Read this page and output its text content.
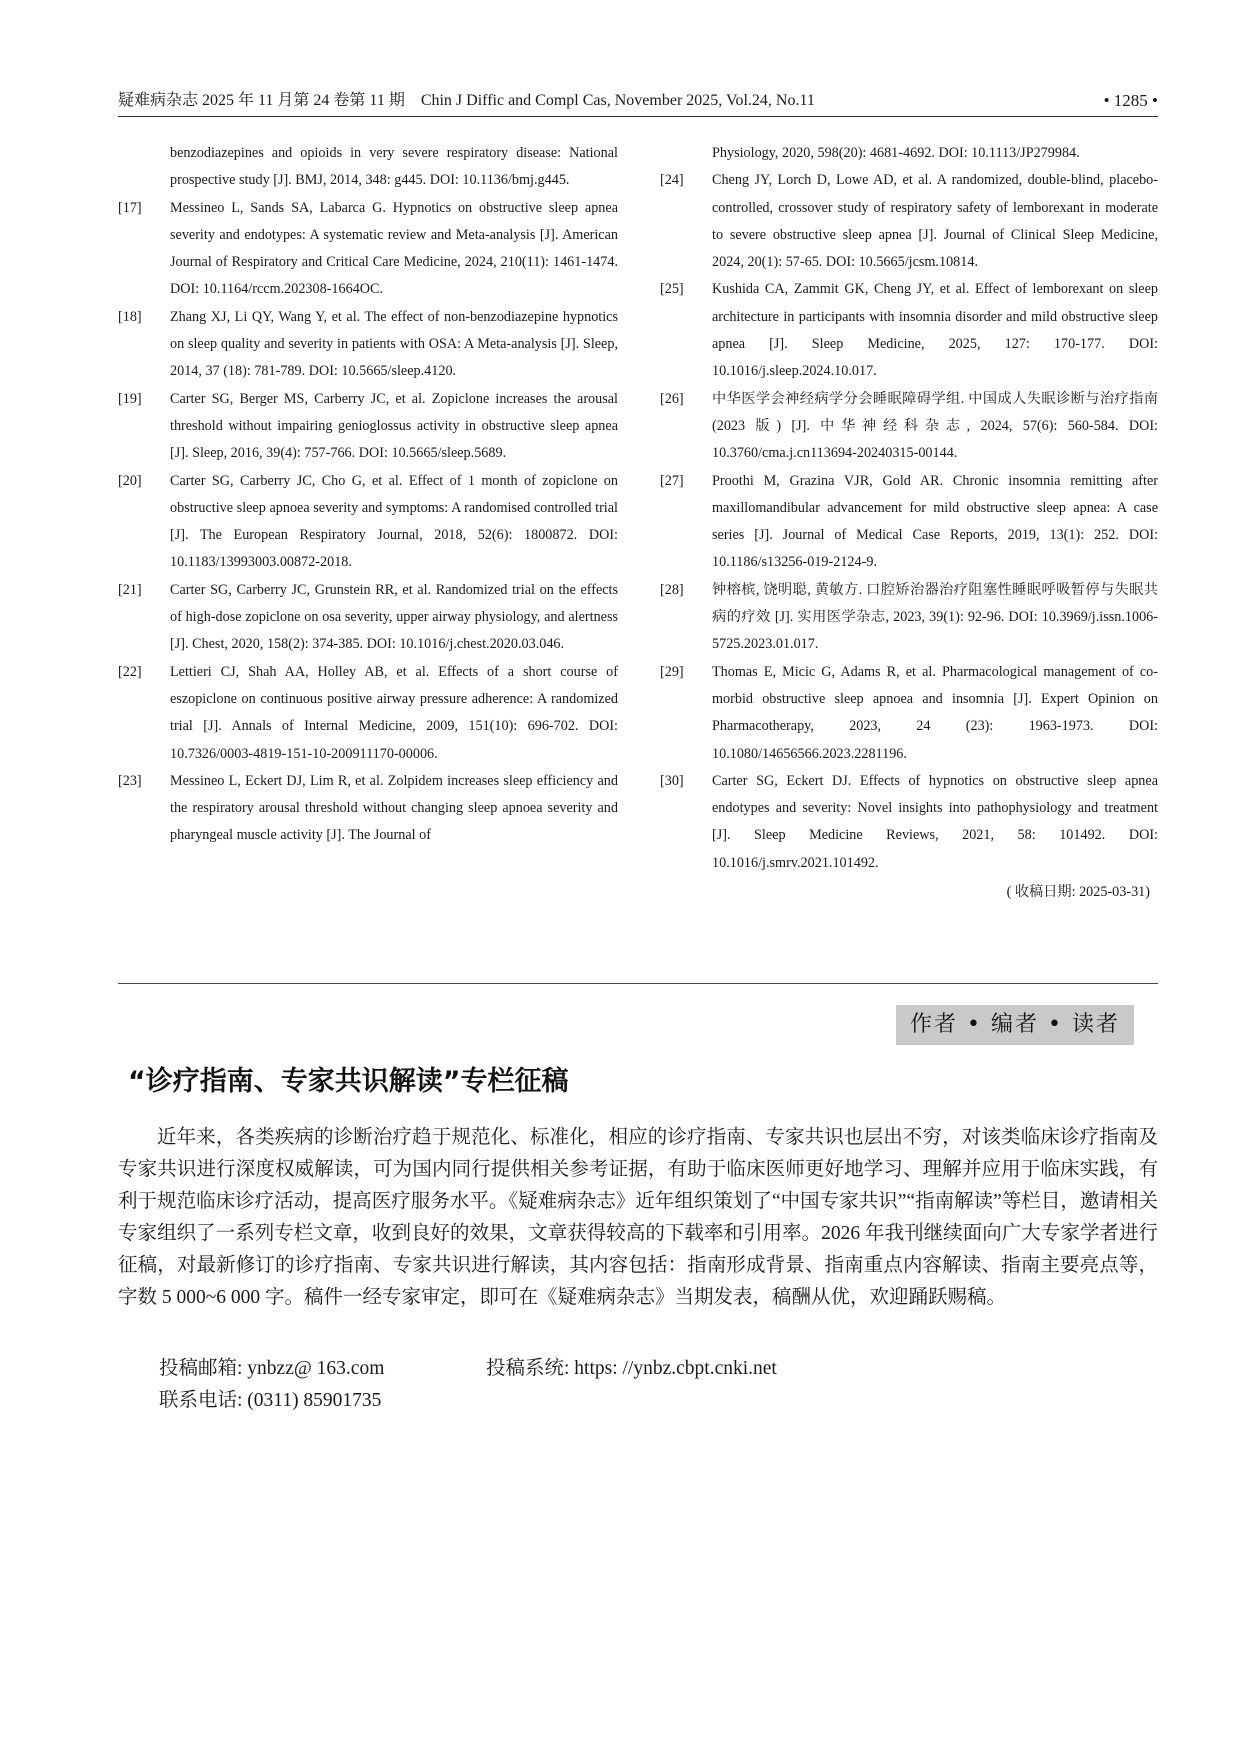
疑难病杂志 2025 年 11 月第 24 卷第 11 期　Chin J Diffic and Compl Cas, November 2025, Vol.24, No.11	• 1285 •
benzodiazepines and opioids in very severe respiratory disease: National prospective study [J]. BMJ, 2014, 348: g445. DOI: 10.1136/bmj.g445.
[17] Messineo L, Sands SA, Labarca G. Hypnotics on obstructive sleep apnea severity and endotypes: A systematic review and Meta-analysis [J]. American Journal of Respiratory and Critical Care Medicine, 2024, 210(11): 1461-1474. DOI: 10.1164/rccm.202308-1664OC.
[18] Zhang XJ, Li QY, Wang Y, et al. The effect of non-benzodiazepine hypnotics on sleep quality and severity in patients with OSA: A Meta-analysis [J]. Sleep, 2014, 37 (18): 781-789. DOI: 10.5665/sleep.4120.
[19] Carter SG, Berger MS, Carberry JC, et al. Zopiclone increases the arousal threshold without impairing genioglossus activity in obstructive sleep apnea [J]. Sleep, 2016, 39(4): 757-766. DOI: 10.5665/sleep.5689.
[20] Carter SG, Carberry JC, Cho G, et al. Effect of 1 month of zopiclone on obstructive sleep apnoea severity and symptoms: A randomised controlled trial [J]. The European Respiratory Journal, 2018, 52(6): 1800872. DOI: 10.1183/13993003.00872-2018.
[21] Carter SG, Carberry JC, Grunstein RR, et al. Randomized trial on the effects of high-dose zopiclone on osa severity, upper airway physiology, and alertness [J]. Chest, 2020, 158(2): 374-385. DOI: 10.1016/j.chest.2020.03.046.
[22] Lettieri CJ, Shah AA, Holley AB, et al. Effects of a short course of eszopiclone on continuous positive airway pressure adherence: A randomized trial [J]. Annals of Internal Medicine, 2009, 151(10): 696-702. DOI: 10.7326/0003-4819-151-10-200911170-00006.
[23] Messineo L, Eckert DJ, Lim R, et al. Zolpidem increases sleep efficiency and the respiratory arousal threshold without changing sleep apnoea severity and pharyngeal muscle activity [J]. The Journal of
Physiology, 2020, 598(20): 4681-4692. DOI: 10.1113/JP279984.
[24] Cheng JY, Lorch D, Lowe AD, et al. A randomized, double-blind, placebo-controlled, crossover study of respiratory safety of lemborexant in moderate to severe obstructive sleep apnea [J]. Journal of Clinical Sleep Medicine, 2024, 20(1): 57-65. DOI: 10.5665/jcsm.10814.
[25] Kushida CA, Zammit GK, Cheng JY, et al. Effect of lemborexant on sleep architecture in participants with insomnia disorder and mild obstructive sleep apnea [J]. Sleep Medicine, 2025, 127: 170-177. DOI: 10.1016/j.sleep.2024.10.017.
[26] 中华医学会神经病学分会睡眠障碍学组. 中国成人失眠诊断与治疗指南(2023 版) [J]. 中华神经科杂志, 2024, 57(6): 560-584. DOI: 10.3760/cma.j.cn113694-20240315-00144.
[27] Proothi M, Grazina VJR, Gold AR. Chronic insomnia remitting after maxillomandibular advancement for mild obstructive sleep apnea: A case series [J]. Journal of Medical Case Reports, 2019, 13(1): 252. DOI: 10.1186/s13256-019-2124-9.
[28] 钟榕槟, 饶明聪, 黄敏方. 口腔矫治器治疗阻塞性睡眠呼吸暂停与失眠共病的疗效 [J]. 实用医学杂志, 2023, 39(1): 92-96. DOI: 10.3969/j.issn.1006-5725.2023.01.017.
[29] Thomas E, Micic G, Adams R, et al. Pharmacological management of co-morbid obstructive sleep apnoea and insomnia [J]. Expert Opinion on Pharmacotherapy, 2023, 24 (23): 1963-1973. DOI: 10.1080/14656566.2023.2281196.
[30] Carter SG, Eckert DJ. Effects of hypnotics on obstructive sleep apnea endotypes and severity: Novel insights into pathophysiology and treatment [J]. Sleep Medicine Reviews, 2021, 58: 101492. DOI: 10.1016/j.smrv.2021.101492.
( 收稿日期: 2025-03-31)
作者 • 编者 • 读者
“诊疗指南、专家共识解读”专栏征稿
近年来，各类疾病的诊断治疗趋于规范化、标准化，相应的诊疗指南、专家共识也层出不穷，对该类临床诊疗指南及专家共识进行深度权威解读，可为国内同行提供相关参考证据，有助于临床医师更好地学习、理解并应用于临床实践，有利于规范临床诊疗活动，提高医疗服务水平。《疑难病杂志》近年组织策划了“中国专家共识”“指南解读”等栏目，邀请相关专家组织了一系列专栏文章，收到良好的效果，文章获得较高的下载率和引用率。2026 年我刊继续面向广大专家学者进行征稿，对最新修订的诊疗指南、专家共识进行解读，其内容包括：指南形成背景、指南重点内容解读、指南主要亮点等，字数 5 000~6 000 字。稿件一经专家审定，即可在《疑难病杂志》当期发表，稿酬从优，欢迎踊跃赐稿。
投稿邮箱: ynbzz@ 163.com	投稿系统: https: //ynbz.cbpt.cnki.net
联系电话: (0311) 85901735
